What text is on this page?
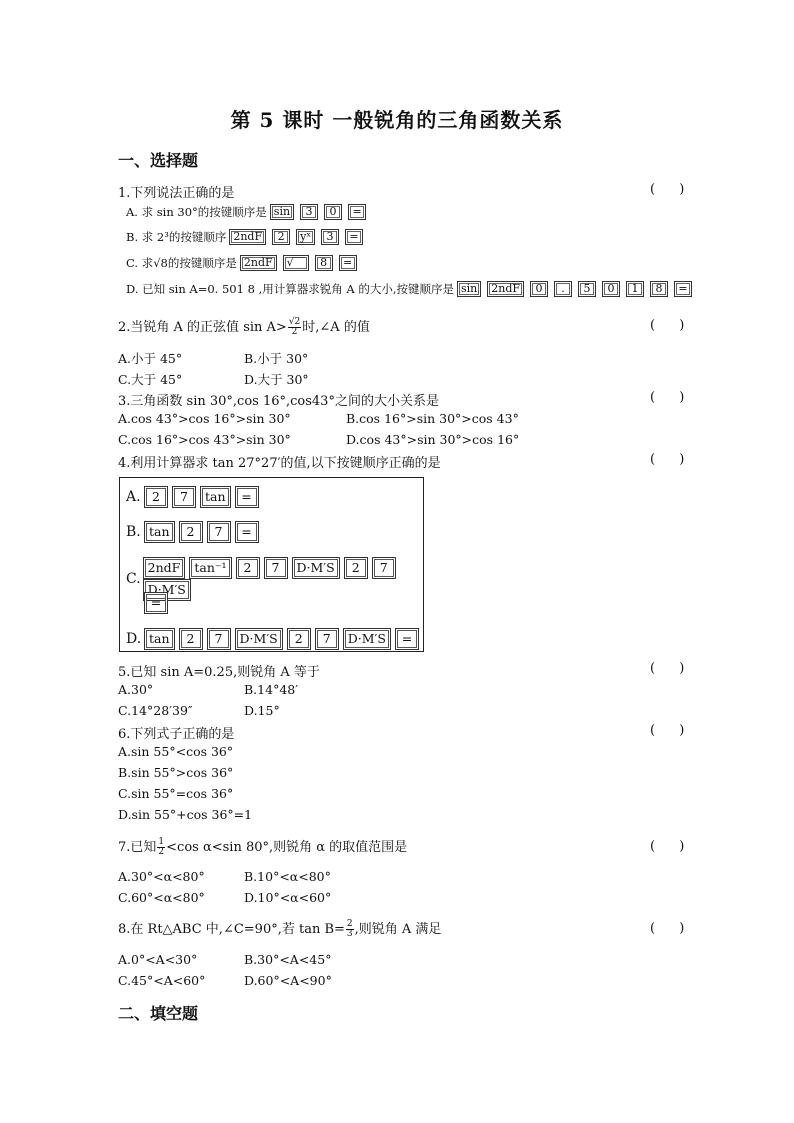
第 5 课时 一般锐角的三角函数关系
一、选择题
1.下列说法正确的是	( )
A. 求 sin 30°的按键顺序是 sin 3 0 =
B. 求 2³的按键顺序 2ndF 2 yˣ 3 =
C. 求√8的按键顺序是 2ndF √‾‾ 8 =
D. 已知 sin A=0. 501 8 ,用计算器求锐角 A 的大小,按键顺序是 sin 2ndF 0 . 5 0 1 8 =
2.当锐角 A 的正弦值 $\sin A> \frac{√2}{2}$ 时,∠A 的值	( )
A.小于 45°	B.小于 30°
C.大于 45°	D.大于 30°
3.三角函数 sin 30°,cos 16°,cos43°之间的大小关系是	( )
A.cos 43°>cos 16°>sin 30°	B.cos 16°>sin 30°>cos 43°
C.cos 16°>cos 43°>sin 30°	D.cos 43°>sin 30°>cos 16°
4.利用计算器求 tan 27°27′的值,以下按键顺序正确的是	( )
A. 2 7 tan =
B. tan 2 7 =
C.
2ndF tan⁻¹ 2 7 D·M′S 2 7D·M′S
=
D. tan 2 7 D·M′S 2 7 D·M′S =
5.已知 sin A=0.25,则锐角 A 等于	( )
A.30°	B.14°48′
C.14°28′39″	D.15°
6.下列式子正确的是	( )
A.sin 55°<cos 36°
B.sin 55°>cos 36°
C.sin 55°=cos 36°
D.sin 55°+cos 36°=1
7.已知 $\frac{1}{2} <\cos$ α<sin 80°,则锐角 α 的取值范围是	( )
A.30°<α<80°	B.10°<α<80°
C.60°<α<80°	D.10°<α<60°
8.在 Rt△ABC 中,∠C=90°,若 $\tan B= \frac{2}{3}$ ,则锐角 A 满足	( )
A.0°<A<30°	B.30°<A<45°
C.45°<A<60°	D.60°<A<90°
二、填空题
